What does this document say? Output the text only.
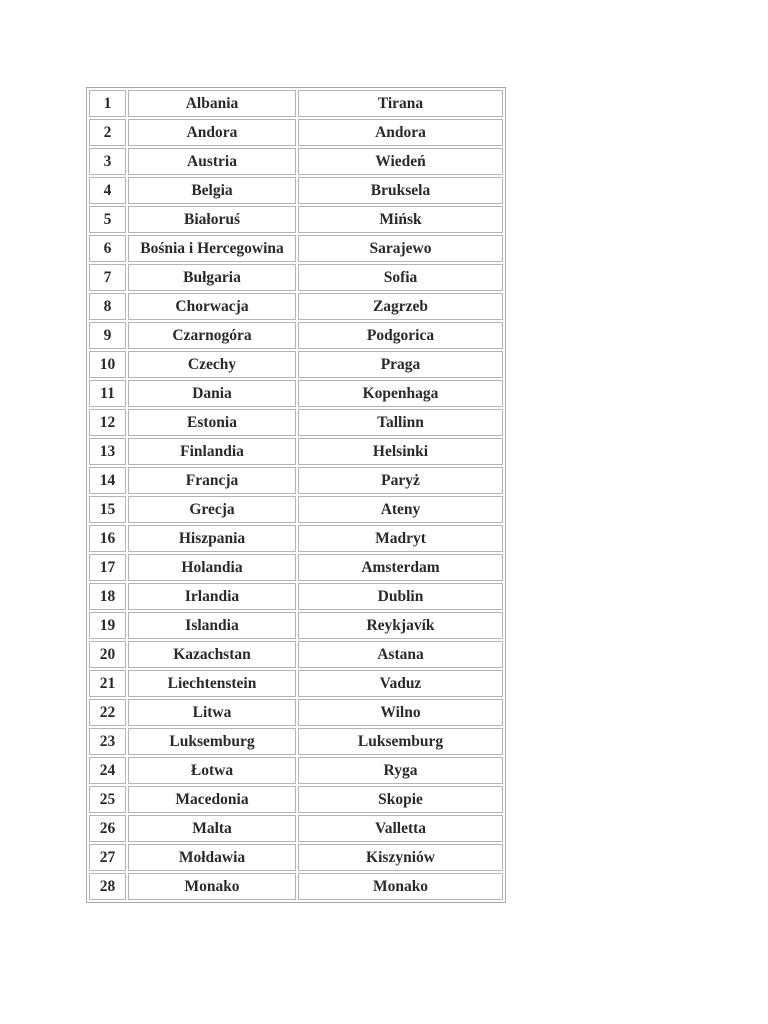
1	Albania	Tirana
2	Andora	Andora
3	Austria	Wiedeń
4	Belgia	Bruksela
5	Białoruś	Mińsk
6	Bośnia i Hercegowina	Sarajewo
7	Bułgaria	Sofia
8	Chorwacja	Zagrzeb
9	Czarnogóra	Podgorica
10	Czechy	Praga
11	Dania	Kopenhaga
12	Estonia	Tallinn
13	Finlandia	Helsinki
14	Francja	Paryż
15	Grecja	Ateny
16	Hiszpania	Madryt
17	Holandia	Amsterdam
18	Irlandia	Dublin
19	Islandia	Reykjavík
20	Kazachstan	Astana
21	Liechtenstein	Vaduz
22	Litwa	Wilno
23	Luksemburg	Luksemburg
24	Łotwa	Ryga
25	Macedonia	Skopie
26	Malta	Valletta
27	Mołdawia	Kiszyniów
28	Monako	Monako
